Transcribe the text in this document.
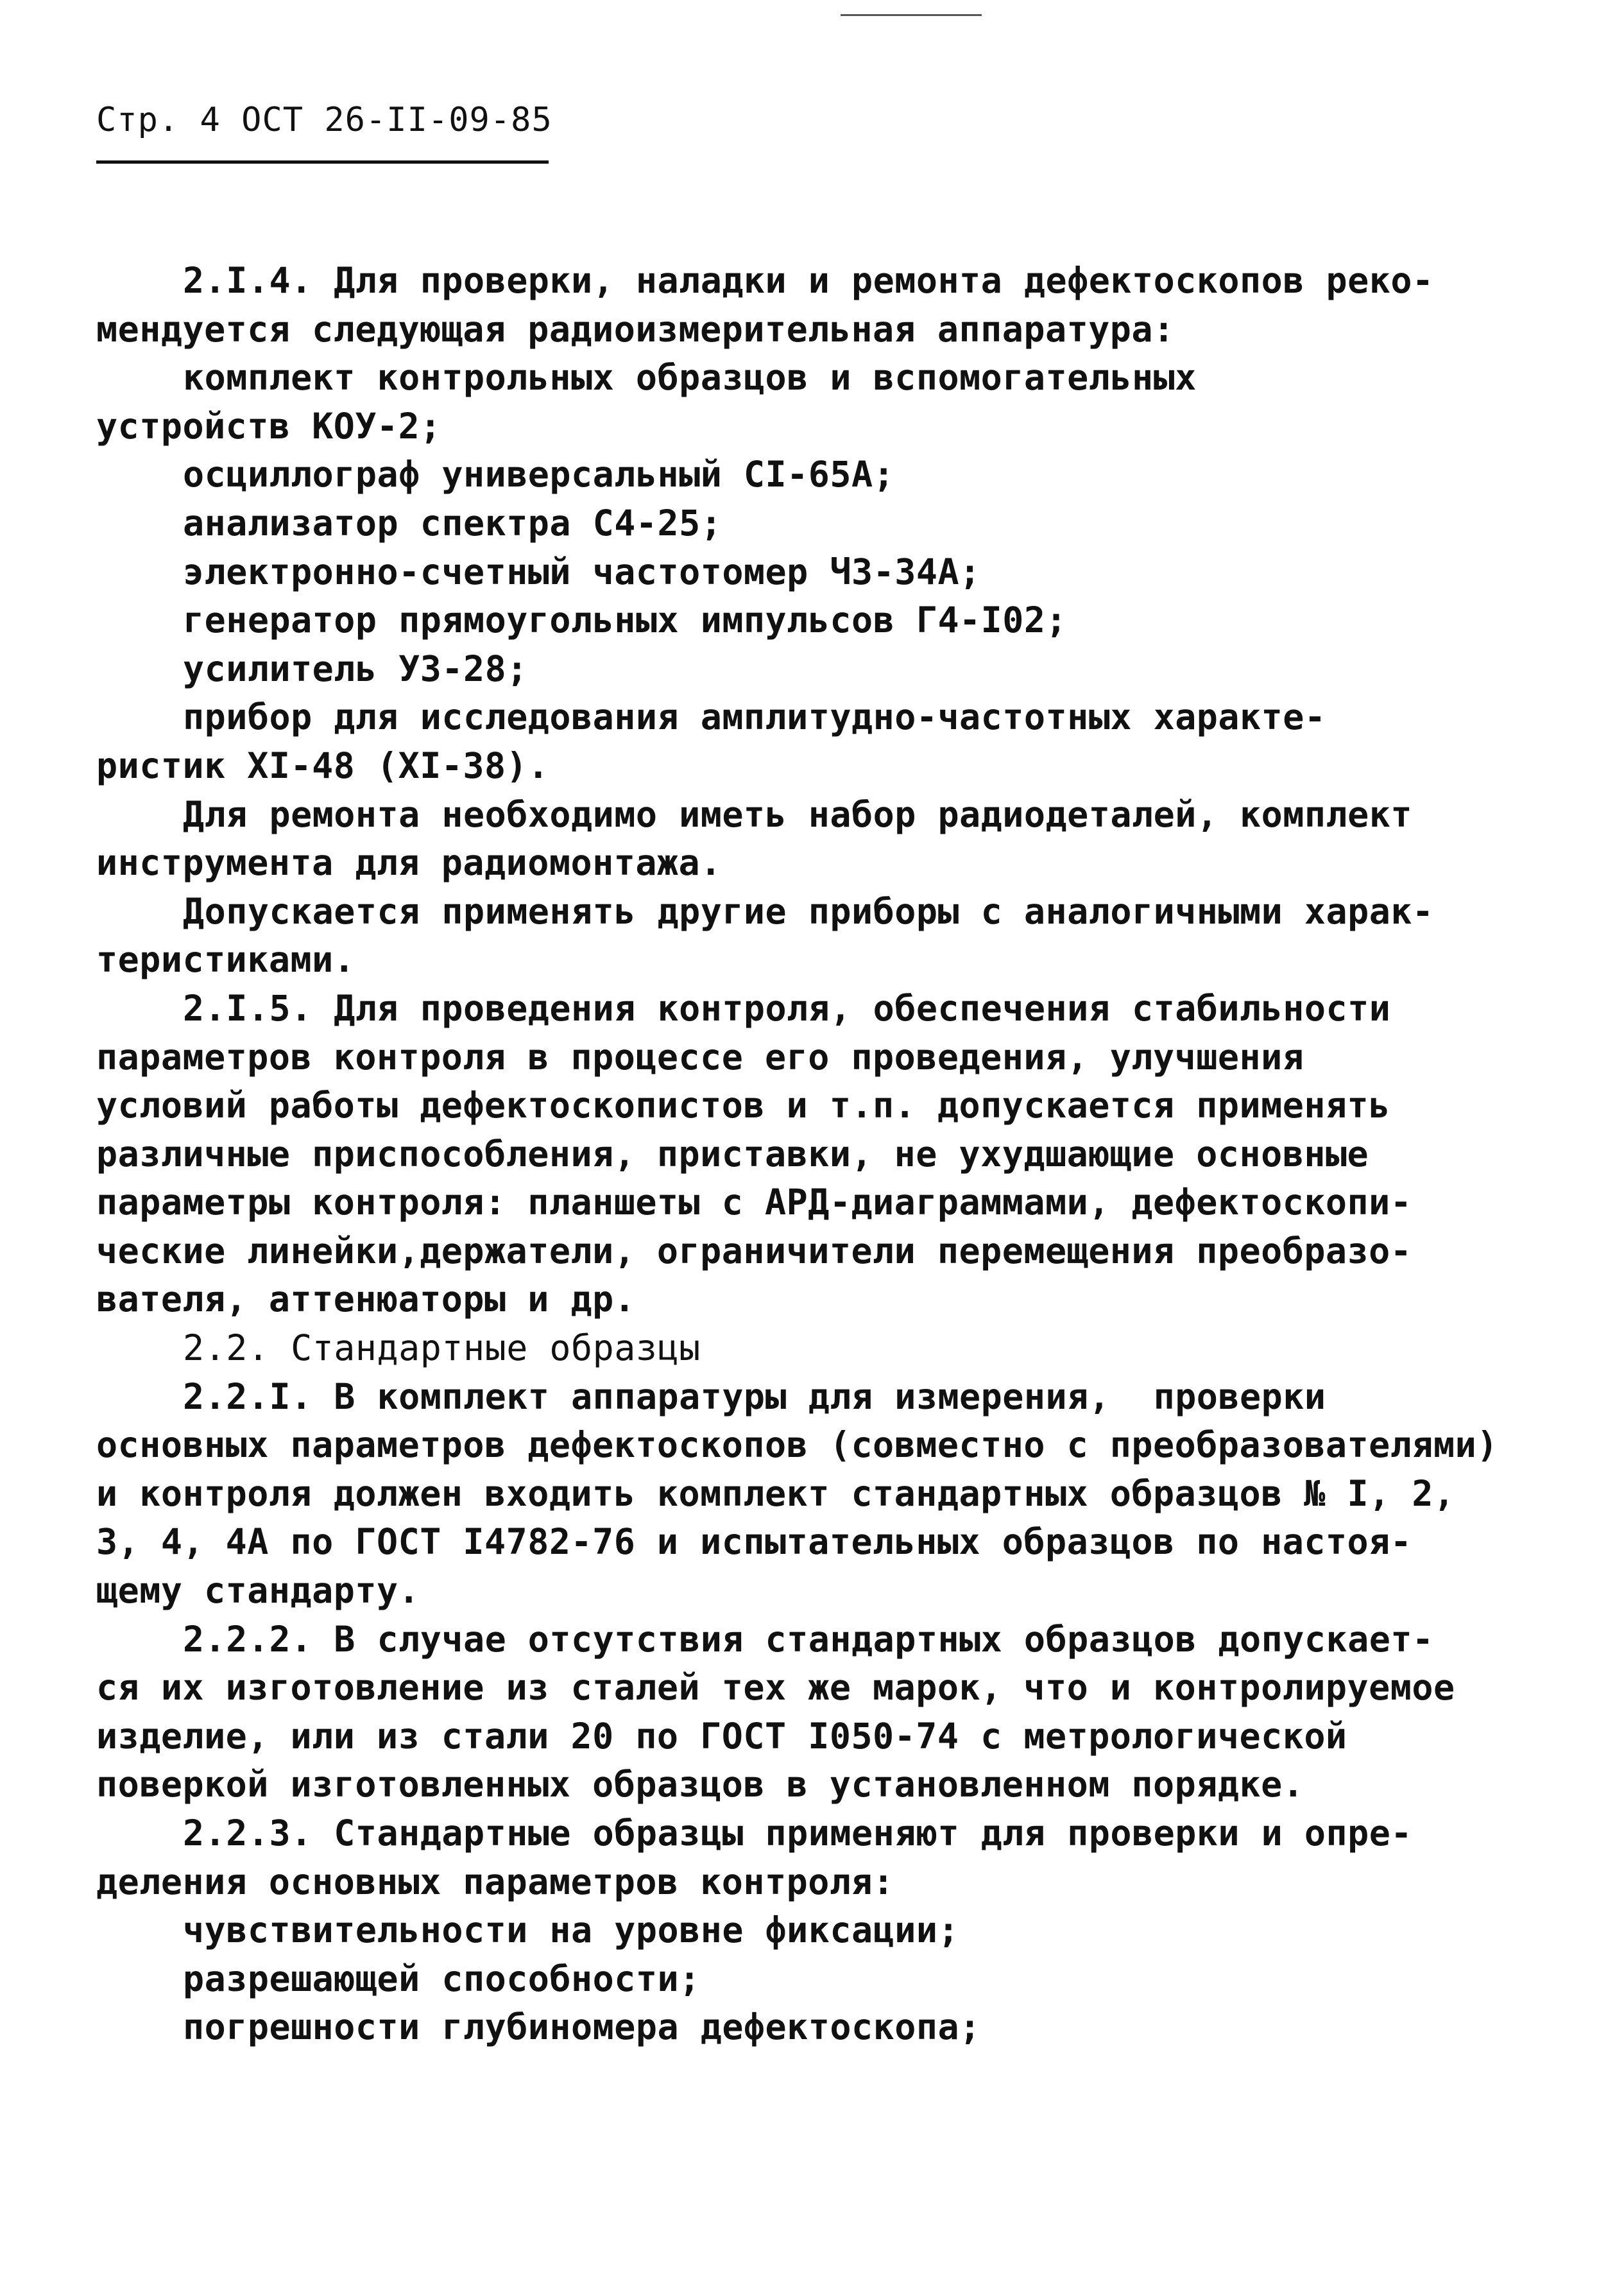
Стр. 4 ОСТ 26-II-09-85
2.I.4. Для проверки, наладки и ремонта дефектоскопов реко-
мендуется следующая радиоизмерительная аппаратура:
комплект контрольных образцов и вспомогательных
устройств КОУ-2;
осциллограф универсальный СI-65А;
анализатор спектра С4-25;
электронно-счетный частотомер Ч3-34А;
генератор прямоугольных импульсов Г4-I02;
усилитель У3-28;
прибор для исследования амплитудно-частотных характе-
ристик ХI-48 (ХI-38).
Для ремонта необходимо иметь набор радиодеталей, комплект
инструмента для радиомонтажа.
Допускается применять другие приборы с аналогичными харак-
теристиками.
2.I.5. Для проведения контроля, обеспечения стабильности
параметров контроля в процессе его проведения, улучшения
условий работы дефектоскопистов и т.п. допускается применять
различные приспособления, приставки, не ухудшающие основные
параметры контроля: планшеты с АРД-диаграммами, дефектоскопи-
ческие линейки,держатели, ограничители перемещения преобразо-
вателя, аттенюаторы и др.
2.2. Стандартные образцы
2.2.I. В комплект аппаратуры для измерения,  проверки
основных параметров дефектоскопов (совместно с преобразователями)
и контроля должен входить комплект стандартных образцов № I, 2,
3, 4, 4А по ГОСТ I4782-76 и испытательных образцов по настоя-
щему стандарту.
2.2.2. В случае отсутствия стандартных образцов допускает-
ся их изготовление из сталей тех же марок, что и контролируемое
изделие, или из стали 20 по ГОСТ I050-74 с метрологической
поверкой изготовленных образцов в установленном порядке.
2.2.3. Стандартные образцы применяют для проверки и опре-
деления основных параметров контроля:
чувствительности на уровне фиксации;
разрешающей способности;
погрешности глубиномера дефектоскопа;
